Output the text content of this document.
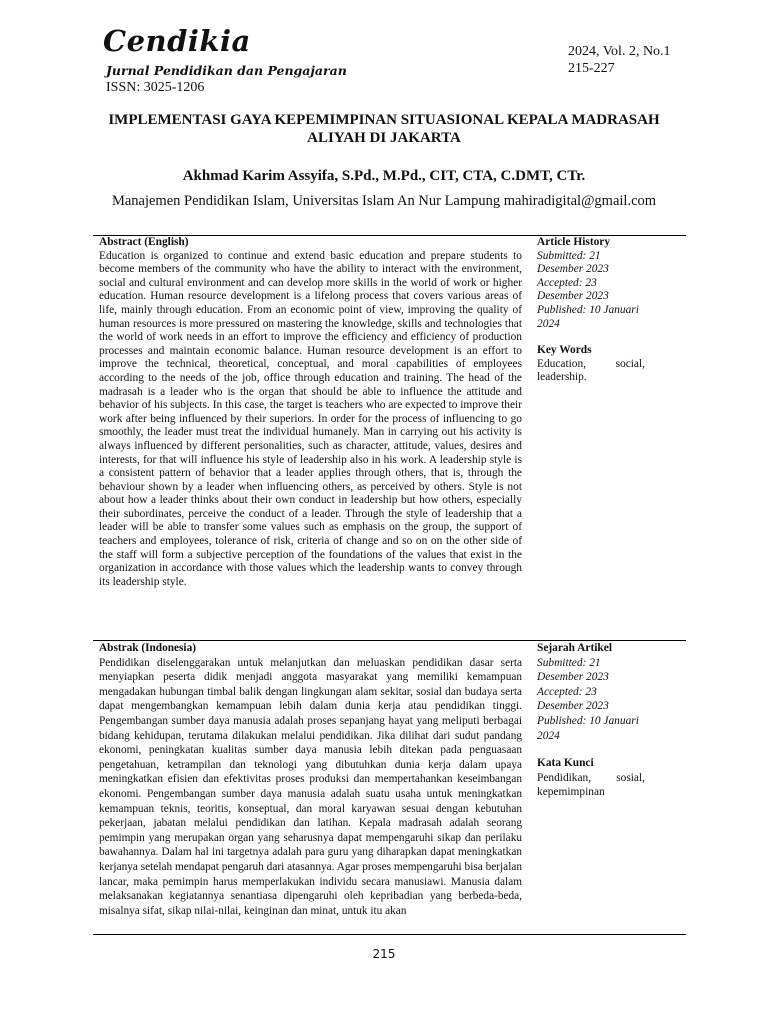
Cendikia
Jurnal Pendidikan dan Pengajaran
ISSN: 3025-1206
2024, Vol. 2, No.1
215-227
IMPLEMENTASI GAYA KEPEMIMPINAN SITUASIONAL KEPALA MADRASAH ALIYAH DI JAKARTA
Akhmad Karim Assyifa, S.Pd., M.Pd., CIT, CTA, C.DMT, CTr.
Manajemen Pendidikan Islam, Universitas Islam An Nur Lampung mahiradigital@gmail.com
Abstract (English)
Education is organized to continue and extend basic education and prepare students to become members of the community who have the ability to interact with the environment, social and cultural environment and can develop more skills in the world of work or higher education. Human resource development is a lifelong process that covers various areas of life, mainly through education. From an economic point of view, improving the quality of human resources is more pressured on mastering the knowledge, skills and technologies that the world of work needs in an effort to improve the efficiency and efficiency of production processes and maintain economic balance. Human resource development is an effort to improve the technical, theoretical, conceptual, and moral capabilities of employees according to the needs of the job, office through education and training. The head of the madrasah is a leader who is the organ that should be able to influence the attitude and behavior of his subjects. In this case, the target is teachers who are expected to improve their work after being influenced by their superiors. In order for the process of influencing to go smoothly, the leader must treat the individual humanely. Man in carrying out his activity is always influenced by different personalities, such as character, attitude, values, desires and interests, for that will influence his style of leadership also in his work. A leadership style is a consistent pattern of behavior that a leader applies through others, that is, through the behaviour shown by a leader when influencing others, as perceived by others. Style is not about how a leader thinks about their own conduct in leadership but how others, especially their subordinates, perceive the conduct of a leader. Through the style of leadership that a leader will be able to transfer some values such as emphasis on the group, the support of teachers and employees, tolerance of risk, criteria of change and so on on the other side of the staff will form a subjective perception of the foundations of the values that exist in the organization in accordance with those values which the leadership wants to convey through its leadership style.
Article History
Submitted: 21 Desember 2023
Accepted: 23 Desember 2023
Published: 10 Januari 2024
Key Words
Education, social,
leadership.
Abstrak (Indonesia)
Pendidikan diselenggarakan untuk melanjutkan dan meluaskan pendidikan dasar serta menyiapkan peserta didik menjadi anggota masyarakat yang memiliki kemampuan mengadakan hubungan timbal balik dengan lingkungan alam sekitar, sosial dan budaya serta dapat mengembangkan kemampuan lebih dalam dunia kerja atau pendidikan tinggi. Pengembangan sumber daya manusia adalah proses sepanjang hayat yang meliputi berbagai bidang kehidupan, terutama dilakukan melalui pendidikan. Jika dilihat dari sudut pandang ekonomi, peningkatan kualitas sumber daya manusia lebih ditekan pada penguasaan pengetahuan, ketrampilan dan teknologi yang dibutuhkan dunia kerja dalam upaya meningkatkan efisien dan efektivitas proses produksi dan mempertahankan keseimbangan ekonomi. Pengembangan sumber daya manusia adalah suatu usaha untuk meningkatkan kemampuan teknis, teoritis, konseptual, dan moral karyawan sesuai dengan kebutuhan pekerjaan, jabatan melalui pendidikan dan latihan. Kepala madrasah adalah seorang pemimpin yang merupakan organ yang seharusnya dapat mempengaruhi sikap dan perilaku bawahannya. Dalam hal ini targetnya adalah para guru yang diharapkan dapat meningkatkan kerjanya setelah mendapat pengaruh dari atasannya. Agar proses mempengaruhi bisa berjalan lancar, maka pemimpin harus memperlakukan individu secara manusiawi. Manusia dalam melaksanakan kegiatannya senantiasa dipengaruhi oleh kepribadian yang berbeda-beda, misalnya sifat, sikap nilai-nilai, keinginan dan minat, untuk itu akan
Sejarah Artikel
Submitted: 21 Desember 2023
Accepted: 23 Desember 2023
Published: 10 Januari 2024
Kata Kunci
Pendidikan, sosial,
kepemimpinan
215
